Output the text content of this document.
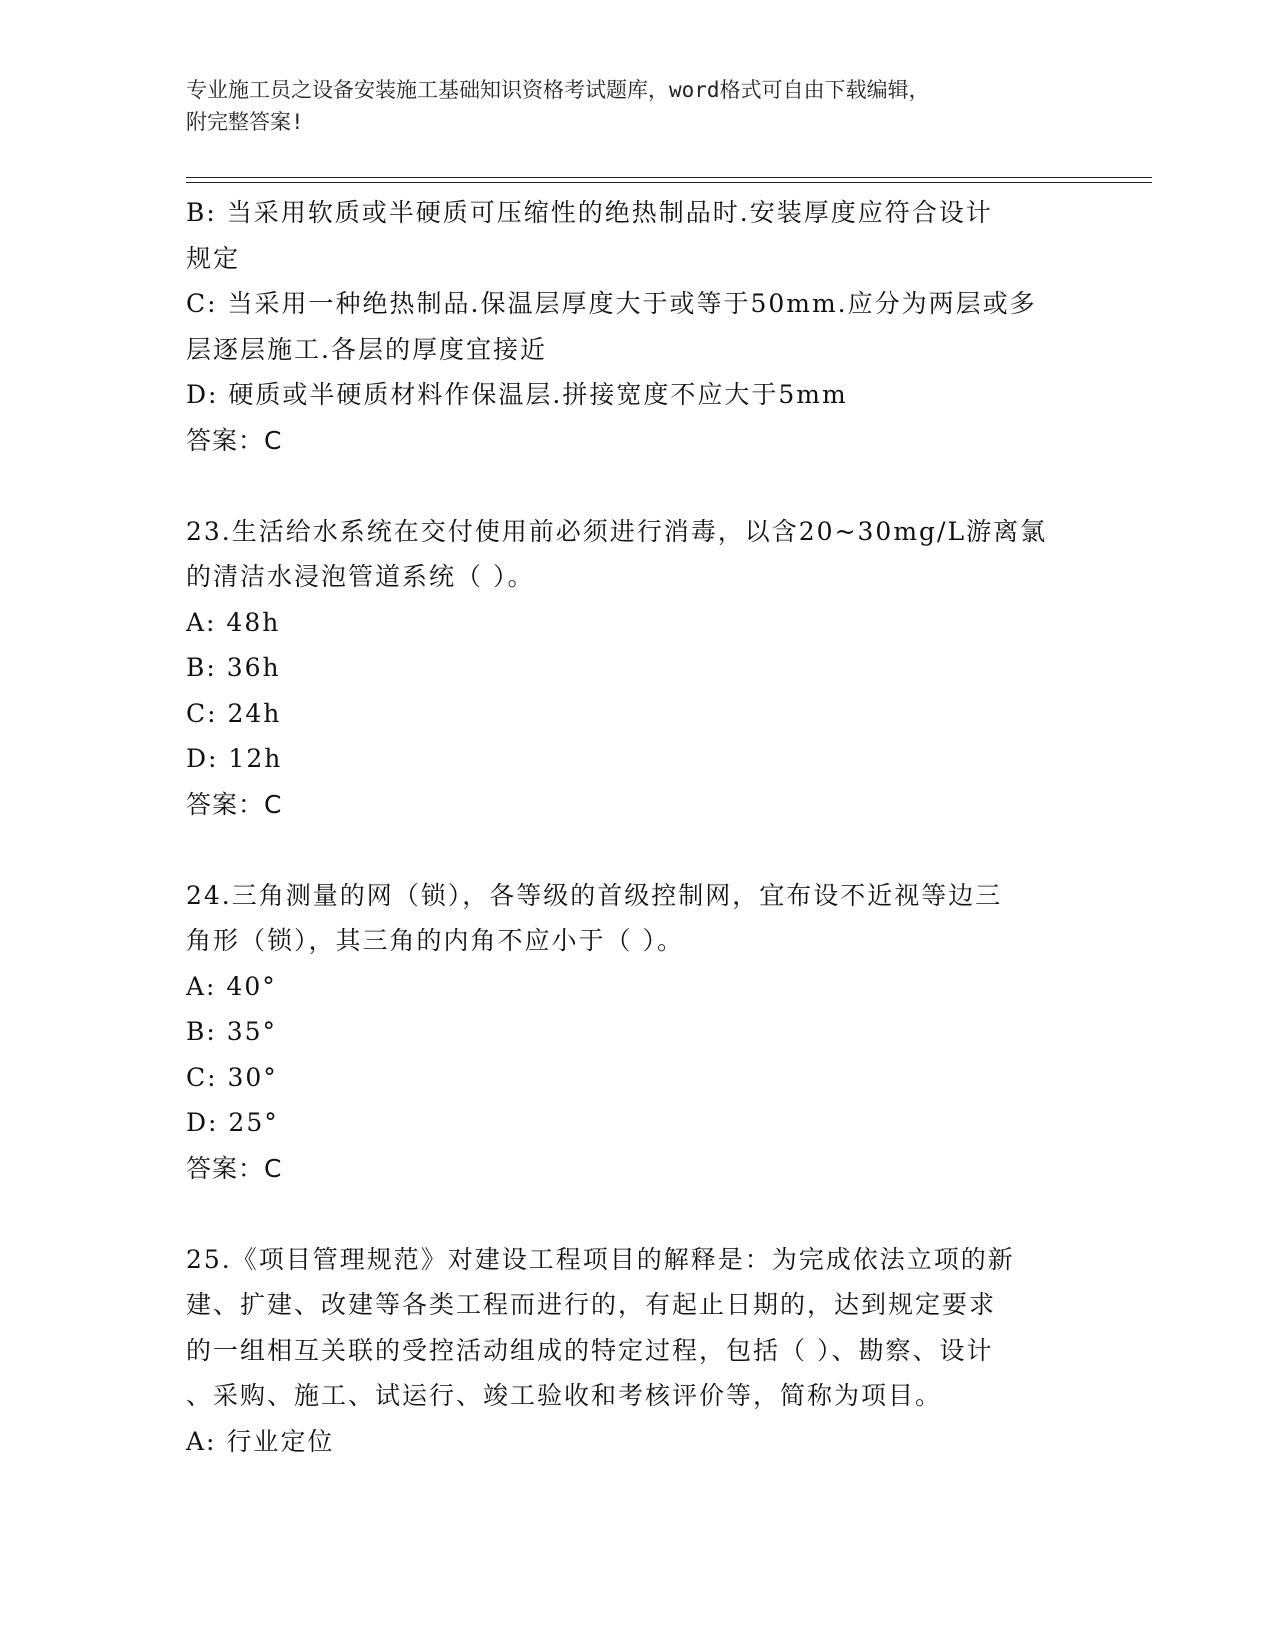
专业施工员之设备安装施工基础知识资格考试题库，word格式可自由下载编辑，
附完整答案!

B: 当采用软质或半硬质可压缩性的绝热制品时.安装厚度应符合设计

规定

C: 当采用一种绝热制品.保温层厚度大于或等于50mm.应分为两层或多

层逐层施工.各层的厚度宜接近

D: 硬质或半硬质材料作保温层.拼接宽度不应大于5mm

答案：C

23.生活给水系统在交付使用前必须进行消毒，以含20~30mg/L游离氯

的清洁水浸泡管道系统（ ）。

A: 48h

B: 36h

C: 24h

D: 12h

答案：C

24.三角测量的网（锁），各等级的首级控制网，宜布设不近视等边三

角形（锁），其三角的内角不应小于（ ）。

A: 40°

B: 35°

C: 30°

D: 25°

答案：C

25.《项目管理规范》对建设工程项目的解释是：为完成依法立项的新

建、扩建、改建等各类工程而进行的，有起止日期的，达到规定要求

的一组相互关联的受控活动组成的特定过程，包括（ ）、勘察、设计

、采购、施工、试运行、竣工验收和考核评价等，简称为项目。

A: 行业定位
